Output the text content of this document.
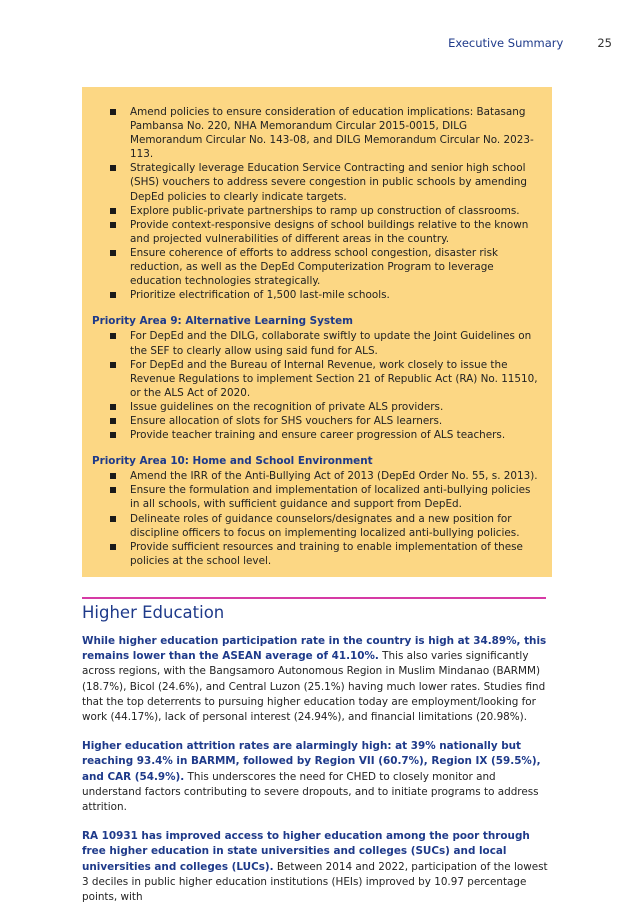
Executive Summary	25
Amend policies to ensure consideration of education implications: Batasang Pambansa No. 220, NHA Memorandum Circular 2015-0015, DILG Memorandum Circular No. 143-08, and DILG Memorandum Circular No. 2023-113.
Strategically leverage Education Service Contracting and senior high school (SHS) vouchers to address severe congestion in public schools by amending DepEd policies to clearly indicate targets.
Explore public-private partnerships to ramp up construction of classrooms.
Provide context-responsive designs of school buildings relative to the known and projected vulnerabilities of different areas in the country.
Ensure coherence of efforts to address school congestion, disaster risk reduction, as well as the DepEd Computerization Program to leverage education technologies strategically.
Prioritize electrification of 1,500 last-mile schools.
Priority Area 9: Alternative Learning System
For DepEd and the DILG, collaborate swiftly to update the Joint Guidelines on the SEF to clearly allow using said fund for ALS.
For DepEd and the Bureau of Internal Revenue, work closely to issue the Revenue Regulations to implement Section 21 of Republic Act (RA) No. 11510, or the ALS Act of 2020.
Issue guidelines on the recognition of private ALS providers.
Ensure allocation of slots for SHS vouchers for ALS learners.
Provide teacher training and ensure career progression of ALS teachers.
Priority Area 10: Home and School Environment
Amend the IRR of the Anti-Bullying Act of 2013 (DepEd Order No. 55, s. 2013).
Ensure the formulation and implementation of localized anti-bullying policies in all schools, with sufficient guidance and support from DepEd.
Delineate roles of guidance counselors/designates and a new position for discipline officers to focus on implementing localized anti-bullying policies.
Provide sufficient resources and training to enable implementation of these policies at the school level.
Higher Education

While higher education participation rate in the country is high at 34.89%, this remains lower than the ASEAN average of 41.10%. This also varies significantly across regions, with the Bangsamoro Autonomous Region in Muslim Mindanao (BARMM) (18.7%), Bicol (24.6%), and Central Luzon (25.1%) having much lower rates. Studies find that the top deterrents to pursuing higher education today are employment/looking for work (44.17%), lack of personal interest (24.94%), and financial limitations (20.98%).

Higher education attrition rates are alarmingly high: at 39% nationally but reaching 93.4% in BARMM, followed by Region VII (60.7%), Region IX (59.5%), and CAR (54.9%). This underscores the need for CHED to closely monitor and understand factors contributing to severe dropouts, and to initiate programs to address attrition.

RA 10931 has improved access to higher education among the poor through free higher education in state universities and colleges (SUCs) and local universities and colleges (LUCs). Between 2014 and 2022, participation of the lowest 3 deciles in public higher education institutions (HEIs) improved by 10.97 percentage points, with
